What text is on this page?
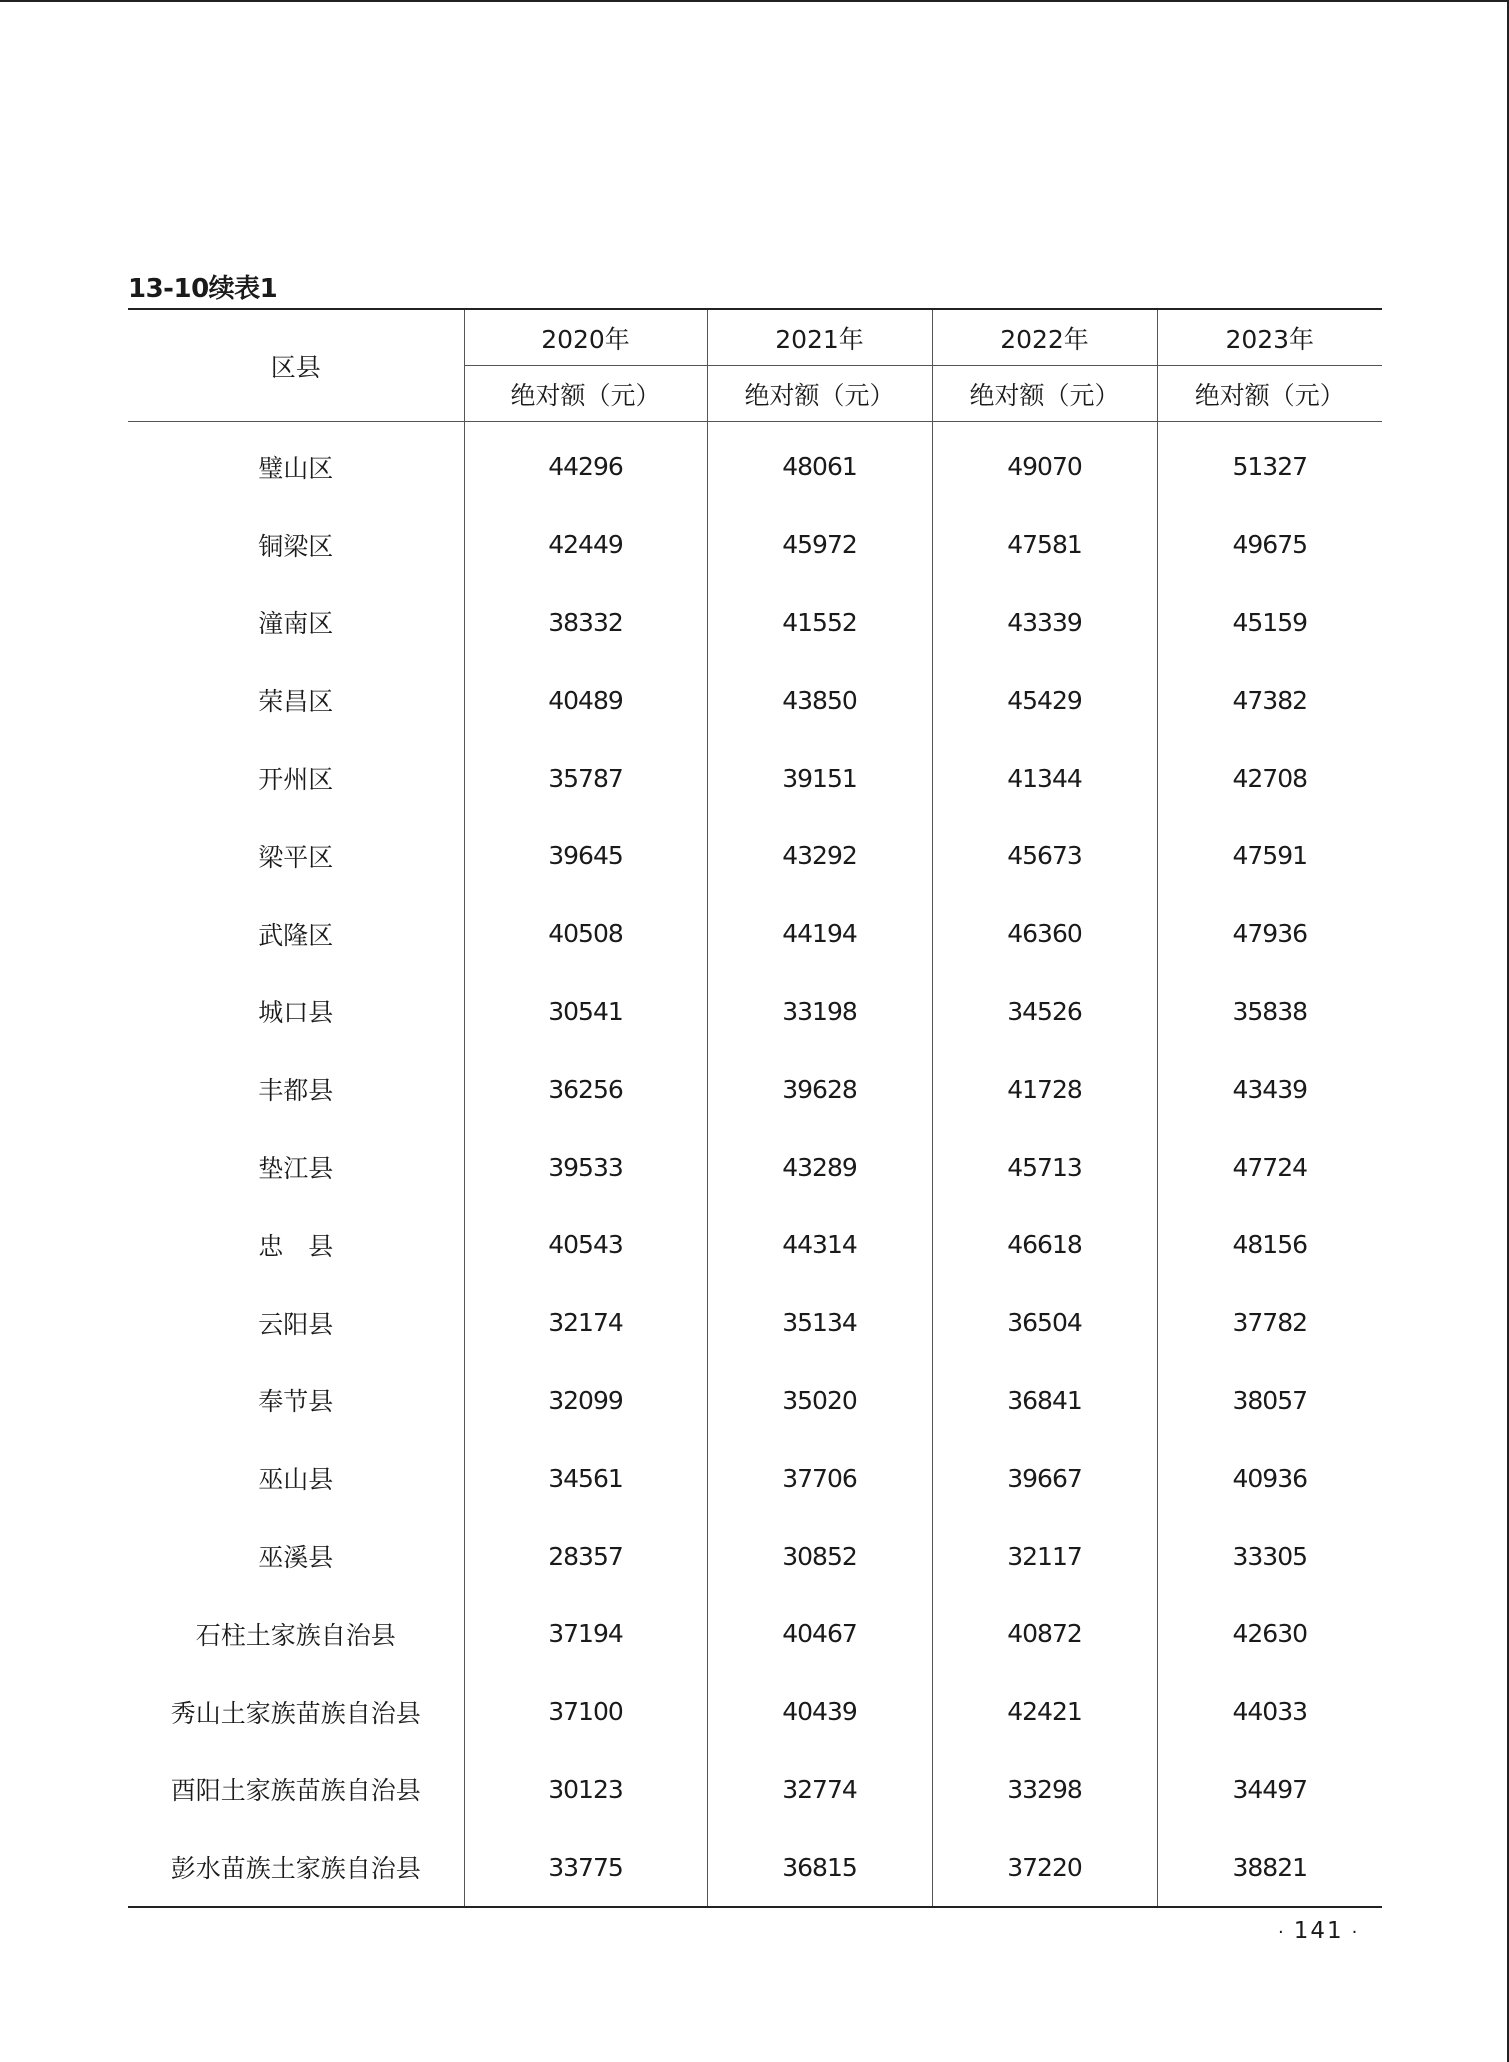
13-10续表1
区县	2020年	2021年	2022年	2023年
	绝对额（元）	绝对额（元）	绝对额（元）	绝对额（元）
璧山区	44296	48061	49070	51327
铜梁区	42449	45972	47581	49675
潼南区	38332	41552	43339	45159
荣昌区	40489	43850	45429	47382
开州区	35787	39151	41344	42708
梁平区	39645	43292	45673	47591
武隆区	40508	44194	46360	47936
城口县	30541	33198	34526	35838
丰都县	36256	39628	41728	43439
垫江县	39533	43289	45713	47724
忠　县	40543	44314	46618	48156
云阳县	32174	35134	36504	37782
奉节县	32099	35020	36841	38057
巫山县	34561	37706	39667	40936
巫溪县	28357	30852	32117	33305
石柱土家族自治县	37194	40467	40872	42630
秀山土家族苗族自治县	37100	40439	42421	44033
酉阳土家族苗族自治县	30123	32774	33298	34497
彭水苗族土家族自治县	33775	36815	37220	38821
· 141 ·
